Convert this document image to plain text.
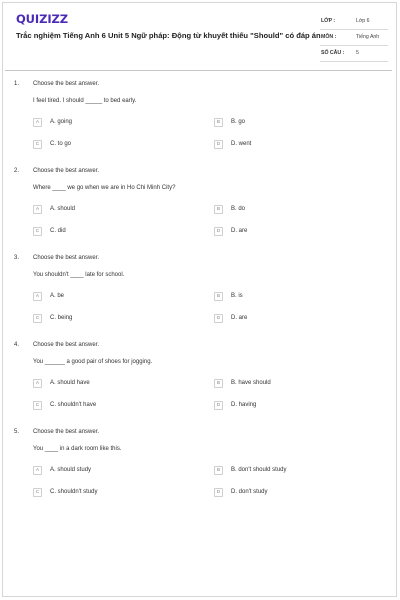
QUIZIZZ
Trắc nghiệm Tiếng Anh 6 Unit 5 Ngữ pháp: Động từ khuyết thiếu "Should" có đáp án
LỚP :	Lớp 6
MÔN :	Tiếng Anh
SỐ CÂU : 5
1. Choose the best answer.
I feel tired. I should _____ to bed early.
A	A. going	B	B. go
C	C. to go	D	D. went
2. Choose the best answer.
Where ____ we go when we are in Ho Chi Minh City?
A	A. should	B	B. do
C	C. did	D	D. are
3. Choose the best answer.
You shouldn't ____ late for school.
A	A. be	B	B. is
C	C. being	D	D. are
4. Choose the best answer.
You ______ a good pair of shoes for jogging.
A	A. should have	B	B. have should
C	C. shouldn't have	D	D. having
5. Choose the best answer.
You ____ in a dark room like this.
A	A. should study	B	B. don't should study
C	C. shouldn't study	D	D. don't study
